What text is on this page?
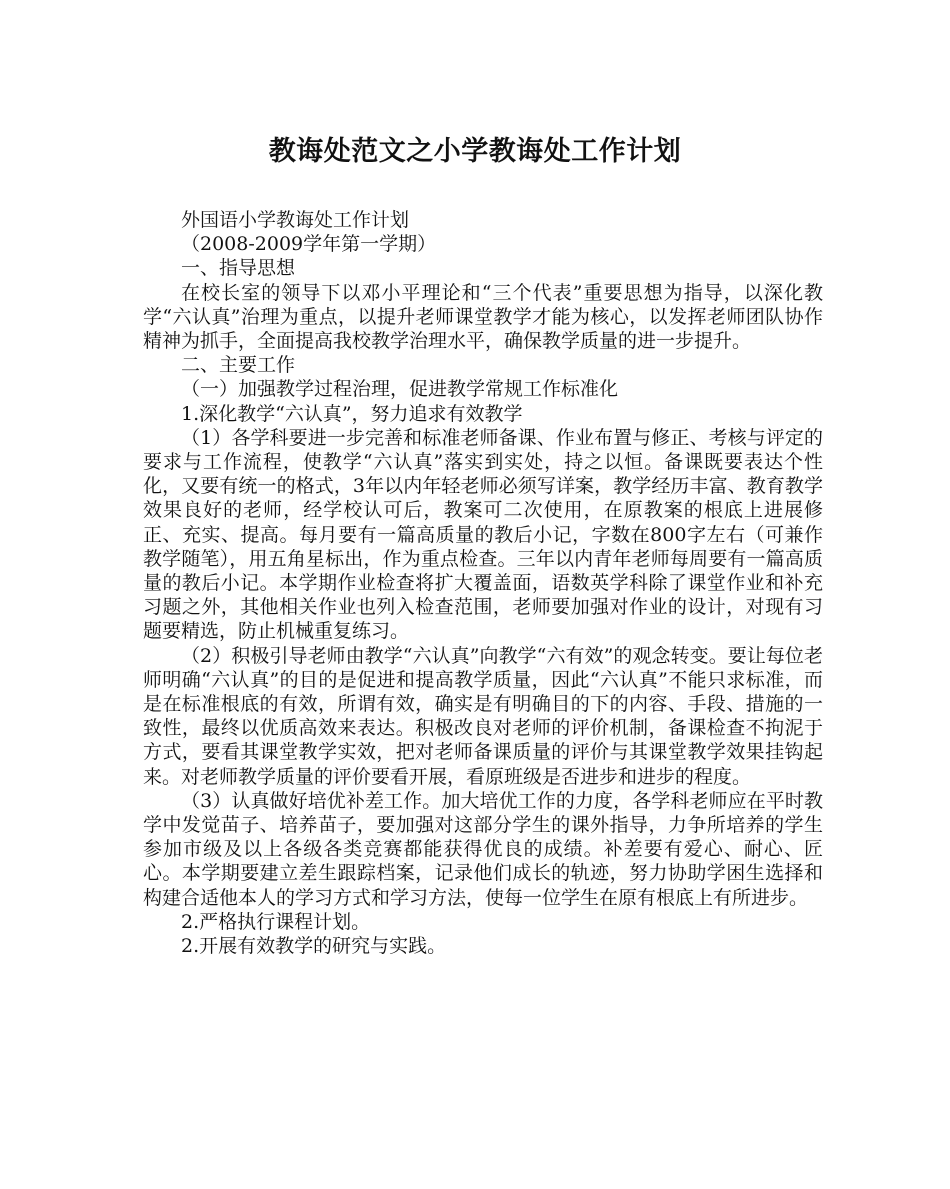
教诲处范文之小学教诲处工作计划

外国语小学教诲处工作计划

（2008-2009学年第一学期）

一、指导思想

在校长室的领导下以邓小平理论和“三个代表”重要思想为指导，以深化教学“六认真”治理为重点，以提升老师课堂教学才能为核心，以发挥老师团队协作精神为抓手，全面提高我校教学治理水平，确保教学质量的进一步提升。

二、主要工作

（一）加强教学过程治理，促进教学常规工作标准化

1.深化教学“六认真”，努力追求有效教学

（1）各学科要进一步完善和标准老师备课、作业布置与修正、考核与评定的要求与工作流程，使教学“六认真”落实到实处，持之以恒。备课既要表达个性化，又要有统一的格式，3年以内年轻老师必须写详案，教学经历丰富、教育教学效果良好的老师，经学校认可后，教案可二次使用，在原教案的根底上进展修正、充实、提高。每月要有一篇高质量的教后小记，字数在800字左右（可兼作教学随笔），用五角星标出，作为重点检查。三年以内青年老师每周要有一篇高质量的教后小记。本学期作业检查将扩大覆盖面，语数英学科除了课堂作业和补充习题之外，其他相关作业也列入检查范围，老师要加强对作业的设计，对现有习题要精选，防止机械重复练习。

（2）积极引导老师由教学“六认真”向教学“六有效”的观念转变。要让每位老师明确“六认真”的目的是促进和提高教学质量，因此“六认真”不能只求标准，而是在标准根底的有效，所谓有效，确实是有明确目的下的内容、手段、措施的一致性，最终以优质高效来表达。积极改良对老师的评价机制，备课检查不拘泥于方式，要看其课堂教学实效，把对老师备课质量的评价与其课堂教学效果挂钩起来。对老师教学质量的评价要看开展，看原班级是否进步和进步的程度。

（3）认真做好培优补差工作。加大培优工作的力度，各学科老师应在平时教学中发觉苗子、培养苗子，要加强对这部分学生的课外指导，力争所培养的学生参加市级及以上各级各类竞赛都能获得优良的成绩。补差要有爱心、耐心、匠心。本学期要建立差生跟踪档案，记录他们成长的轨迹，努力协助学困生选择和构建合适他本人的学习方式和学习方法，使每一位学生在原有根底上有所进步。

2.严格执行课程计划。

2.开展有效教学的研究与实践。
